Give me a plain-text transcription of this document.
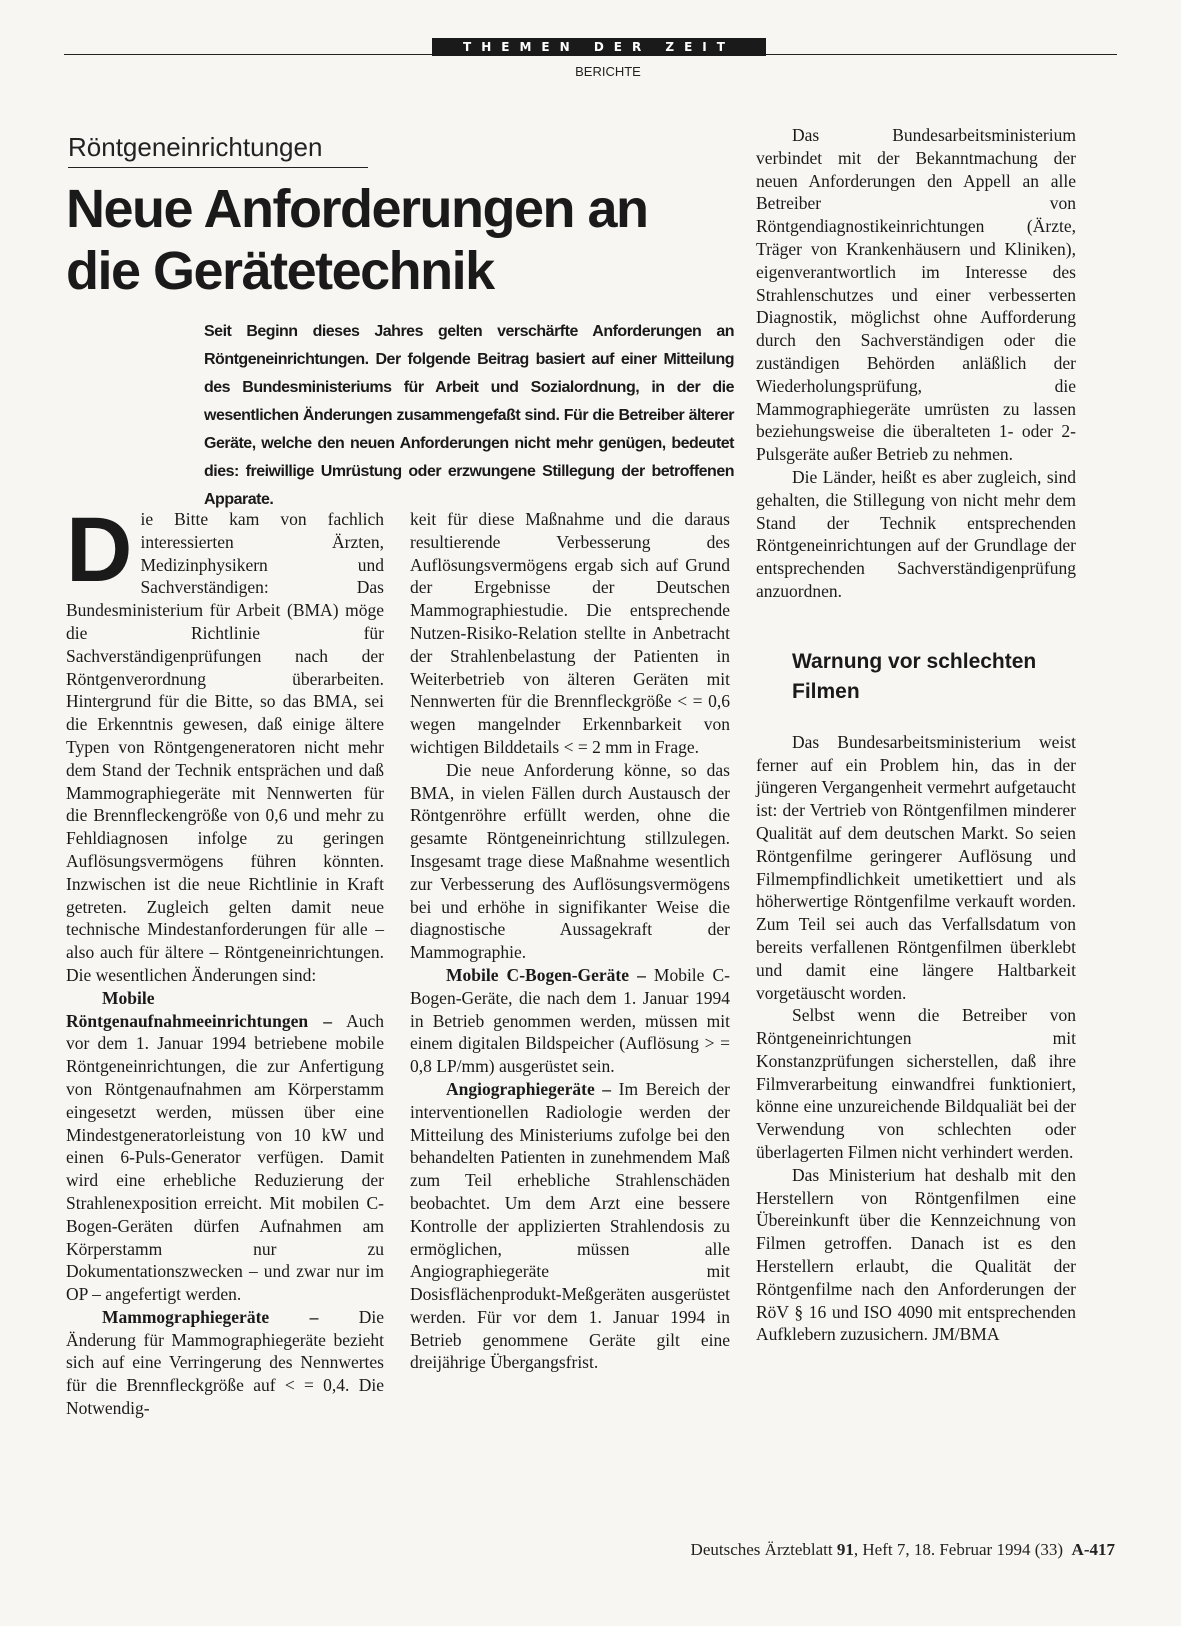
THEMEN DER ZEIT
BERICHTE
Röntgeneinrichtungen
Neue Anforderungen an die Gerätetechnik
Seit Beginn dieses Jahres gelten verschärfte Anforderungen an Röntgeneinrichtungen. Der folgende Beitrag basiert auf einer Mitteilung des Bundesministeriums für Arbeit und Sozialordnung, in der die wesentlichen Änderungen zusammengefaßt sind. Für die Betreiber älterer Geräte, welche den neuen Anforderungen nicht mehr genügen, bedeutet dies: freiwillige Umrüstung oder erzwungene Stillegung der betroffenen Apparate.

Die Bitte kam von fachlich interessierten Ärzten, Medizinphysikern und Sachverständigen: Das Bundesministerium für Arbeit (BMA) möge die Richtlinie für Sachverständigenprüfungen nach der Röntgenverordnung überarbeiten. Hintergrund für die Bitte, so das BMA, sei die Erkenntnis gewesen, daß einige ältere Typen von Röntgengeneratoren nicht mehr dem Stand der Technik entsprächen und daß Mammographiegeräte mit Nennwerten für die Brennfleckengröße von 0,6 und mehr zu Fehldiagnosen infolge zu geringen Auflösungsvermögens führen könnten. Inzwischen ist die neue Richtlinie in Kraft getreten. Zugleich gelten damit neue technische Mindestanforderungen für alle – also auch für ältere – Röntgeneinrichtungen. Die wesentlichen Änderungen sind:

Mobile Röntgenaufnahmeeinrichtungen – Auch vor dem 1. Januar 1994 betriebene mobile Röntgeneinrichtungen, die zur Anfertigung von Röntgenaufnahmen am Körperstamm eingesetzt werden, müssen über eine Mindestgeneratorleistung von 10 kW und einen 6-Puls-Generator verfügen. Damit wird eine erhebliche Reduzierung der Strahlenexposition erreicht. Mit mobilen C-Bogen-Geräten dürfen Aufnahmen am Körperstamm nur zu Dokumentationszwecken – und zwar nur im OP – angefertigt werden.

Mammographiegeräte – Die Änderung für Mammographiegeräte bezieht sich auf eine Verringerung des Nennwertes für die Brennfleckgröße auf < = 0,4. Die Notwendig-

keit für diese Maßnahme und die daraus resultierende Verbesserung des Auflösungsvermögens ergab sich auf Grund der Ergebnisse der Deutschen Mammographiestudie. Die entsprechende Nutzen-Risiko-Relation stellte in Anbetracht der Strahlenbelastung der Patienten in Weiterbetrieb von älteren Geräten mit Nennwerten für die Brennfleckgröße < = 0,6 wegen mangelnder Erkennbarkeit von wichtigen Bilddetails < = 2 mm in Frage.

Die neue Anforderung könne, so das BMA, in vielen Fällen durch Austausch der Röntgenröhre erfüllt werden, ohne die gesamte Röntgeneinrichtung stillzulegen. Insgesamt trage diese Maßnahme wesentlich zur Verbesserung des Auflösungsvermögens bei und erhöhe in signifikanter Weise die diagnostische Aussagekraft der Mammographie.

Mobile C-Bogen-Geräte – Mobile C-Bogen-Geräte, die nach dem 1. Januar 1994 in Betrieb genommen werden, müssen mit einem digitalen Bildspeicher (Auflösung > = 0,8 LP/mm) ausgerüstet sein.

Angiographiegeräte – Im Bereich der interventionellen Radiologie werden der Mitteilung des Ministeriums zufolge bei den behandelten Patienten in zunehmendem Maß zum Teil erhebliche Strahlenschäden beobachtet. Um dem Arzt eine bessere Kontrolle der applizierten Strahlendosis zu ermöglichen, müssen alle Angiographiegeräte mit Dosisflächenprodukt-Meßgeräten ausgerüstet werden. Für vor dem 1. Januar 1994 in Betrieb genommene Geräte gilt eine dreijährige Übergangsfrist.

Das Bundesarbeitsministerium verbindet mit der Bekanntmachung der neuen Anforderungen den Appell an alle Betreiber von Röntgendiagnostikeinrichtungen (Ärzte, Träger von Krankenhäusern und Kliniken), eigenverantwortlich im Interesse des Strahlenschutzes und einer verbesserten Diagnostik, möglichst ohne Aufforderung durch den Sachverständigen oder die zuständigen Behörden anläßlich der Wiederholungsprüfung, die Mammographiegeräte umrüsten zu lassen beziehungsweise die überalteten 1- oder 2-Pulsgeräte außer Betrieb zu nehmen.

Die Länder, heißt es aber zugleich, sind gehalten, die Stillegung von nicht mehr dem Stand der Technik entsprechenden Röntgeneinrichtungen auf der Grundlage der entsprechenden Sachverständigenprüfung anzuordnen.

Warnung vor schlechten Filmen

Das Bundesarbeitsministerium weist ferner auf ein Problem hin, das in der jüngeren Vergangenheit vermehrt aufgetaucht ist: der Vertrieb von Röntgenfilmen minderer Qualität auf dem deutschen Markt. So seien Röntgenfilme geringerer Auflösung und Filmempfindlichkeit umetikettiert und als höherwertige Röntgenfilme verkauft worden. Zum Teil sei auch das Verfallsdatum von bereits verfallenen Röntgenfilmen überklebt und damit eine längere Haltbarkeit vorgetäuscht worden.

Selbst wenn die Betreiber von Röntgeneinrichtungen mit Konstanzprüfungen sicherstellen, daß ihre Filmverarbeitung einwandfrei funktioniert, könne eine unzureichende Bildqualiät bei der Verwendung von schlechten oder überlagerten Filmen nicht verhindert werden.

Das Ministerium hat deshalb mit den Herstellern von Röntgenfilmen eine Übereinkunft über die Kennzeichnung von Filmen getroffen. Danach ist es den Herstellern erlaubt, die Qualität der Röntgenfilme nach den Anforderungen der RöV § 16 und ISO 4090 mit entsprechenden Aufklebern zuzusichern. JM/BMA

Deutsches Ärzteblatt 91, Heft 7, 18. Februar 1994 (33) A-417
